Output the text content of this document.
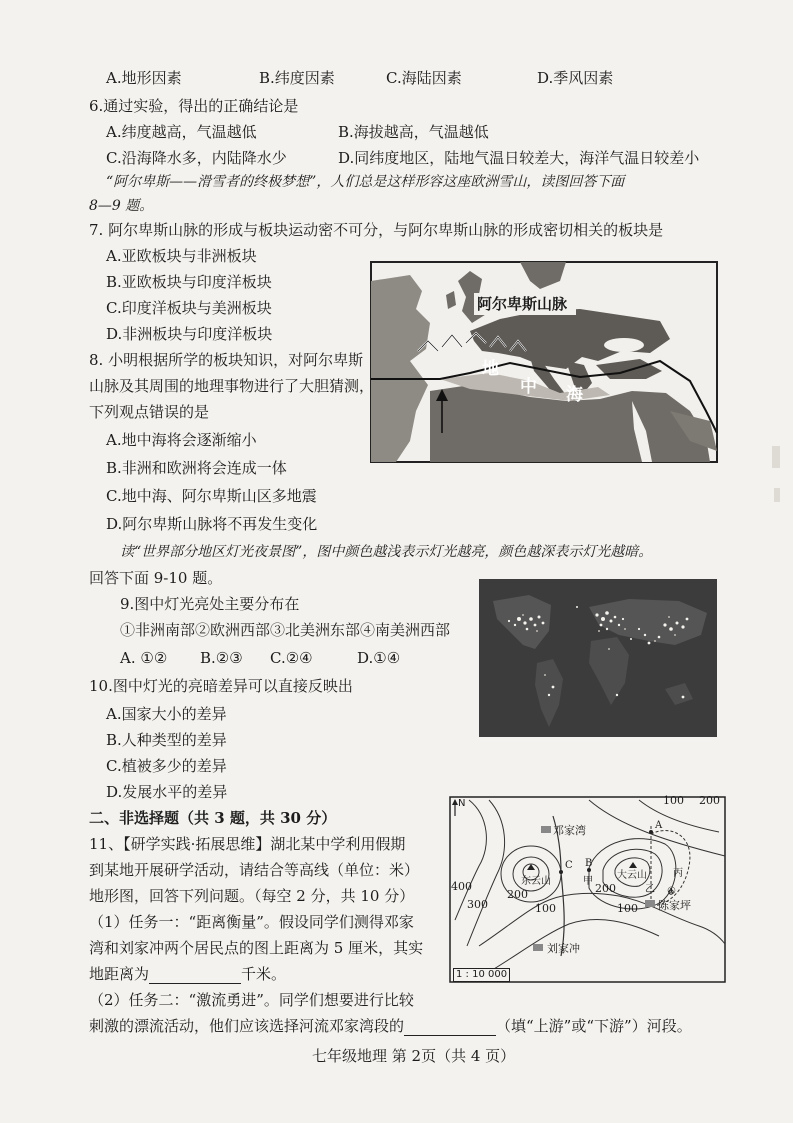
A.地形因素	B.纬度因素	C.海陆因素	D.季风因素
6.通过实验，得出的正确结论是
A.纬度越高，气温越低	B.海拔越高，气温越低
C.沿海降水多，内陆降水少	D.同纬度地区，陆地气温日较差大，海洋气温日较差小
“阿尔卑斯——滑雪者的终极梦想”，人们总是这样形容这座欧洲雪山，读图回答下面
8—9 题。
7. 阿尔卑斯山脉的形成与板块运动密不可分，与阿尔卑斯山脉的形成密切相关的板块是
A.亚欧板块与非洲板块
B.亚欧板块与印度洋板块
C.印度洋板块与美洲板块
D.非洲板块与印度洋板块
阿尔卑斯山脉
地
中 海
8. 小明根据所学的板块知识，对阿尔卑斯
山脉及其周围的地理事物进行了大胆猜测，
下列观点错误的是
A.地中海将会逐渐缩小
B.非洲和欧洲将会连成一体
C.地中海、阿尔卑斯山区多地震
D.阿尔卑斯山脉将不再发生变化
读“世界部分地区灯光夜景图”，图中颜色越浅表示灯光越亮，颜色越深表示灯光越暗。
回答下面 9-10 题。
9.图中灯光亮处主要分布在
①非洲南部②欧洲西部③北美洲东部④南美洲西部
A. ①② B.②③ C.②④	D.①④
10.图中灯光的亮暗差异可以直接反映出
A.国家大小的差异
B.人种类型的差异
C.植被多少的差异
D.发展水平的差异
二、非选择题（共 3 题，共 30 分）
11、【研学实践·拓展思维】湖北某中学利用假期
到某地开展研学活动，请结合等高线（单位：米）
地形图，回答下列问题。（每空 2 分，共 10 分）
（1）任务一：“距离衡量”。假设同学们测得邓家
湾和刘家冲两个居民点的图上距离为 5 厘米，其实
地距离为	千米。
（2）任务二：“激流勇进”。同学们想要进行比较
刺激的漂流活动，他们应该选择河流邓家湾段的	（填“上游”或“下游”）河段。
N
1 : 10 000
邓家湾
刘家冲
陈家坪
东云山
大云山
A
B
C
甲
乙
丙
①
100 200
400
300
200
100	100
200
七年级地理 第 2页（共 4 页）
